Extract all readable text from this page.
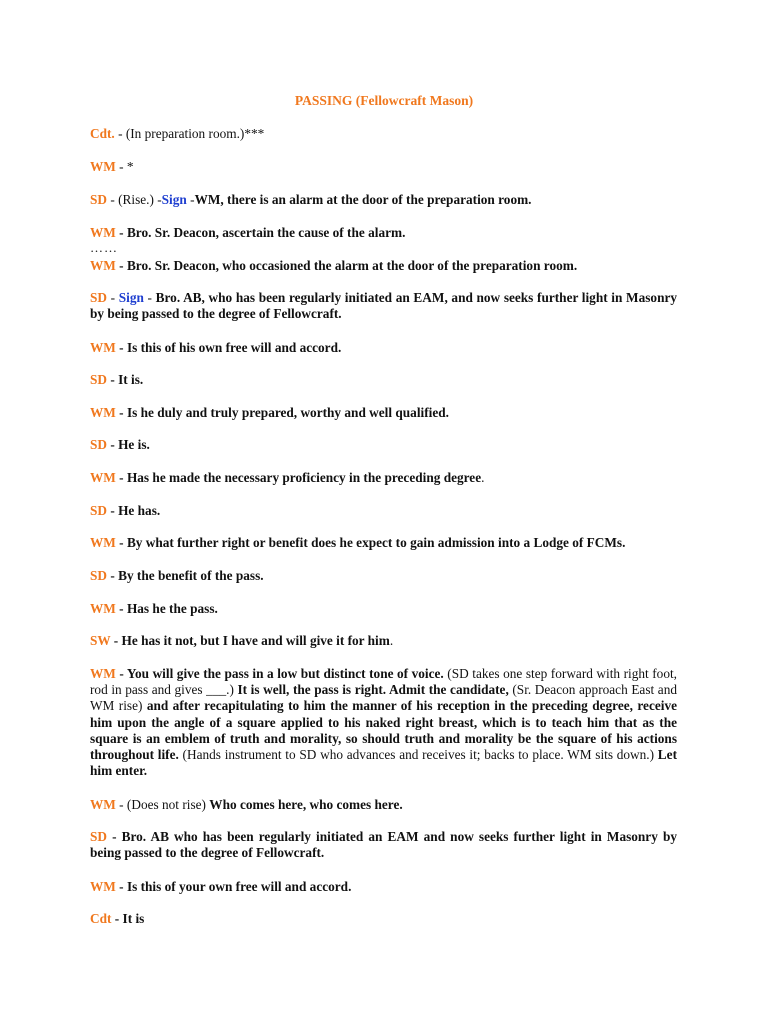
PASSING (Fellowcraft Mason)
Cdt. - (In preparation room.)***
WM - *
SD - (Rise.) -Sign -WM, there is an alarm at the door of the preparation room.
WM - Bro. Sr. Deacon, ascertain the cause of the alarm.
……
WM - Bro. Sr. Deacon, who occasioned the alarm at the door of the preparation room.
SD - Sign - Bro. AB, who has been regularly initiated an EAM, and now seeks further light in Masonry by being passed to the degree of Fellowcraft.
WM - Is this of his own free will and accord.
SD - It is.
WM - Is he duly and truly prepared, worthy and well qualified.
SD - He is.
WM - Has he made the necessary proficiency in the preceding degree.
SD - He has.
WM - By what further right or benefit does he expect to gain admission into a Lodge of FCMs.
SD - By the benefit of the pass.
WM - Has he the pass.
SW - He has it not, but I have and will give it for him.
WM - You will give the pass in a low but distinct tone of voice. (SD takes one step forward with right foot, rod in pass and gives ___.) It is well, the pass is right. Admit the candidate, (Sr. Deacon approach East and WM rise) and after recapitulating to him the manner of his reception in the preceding degree, receive him upon the angle of a square applied to his naked right breast, which is to teach him that as the square is an emblem of truth and morality, so should truth and morality be the square of his actions throughout life. (Hands instrument to SD who advances and receives it; backs to place. WM sits down.) Let him enter.
WM - (Does not rise) Who comes here, who comes here.
SD - Bro. AB who has been regularly initiated an EAM and now seeks further light in Masonry by being passed to the degree of Fellowcraft.
WM - Is this of your own free will and accord.
Cdt - It is
